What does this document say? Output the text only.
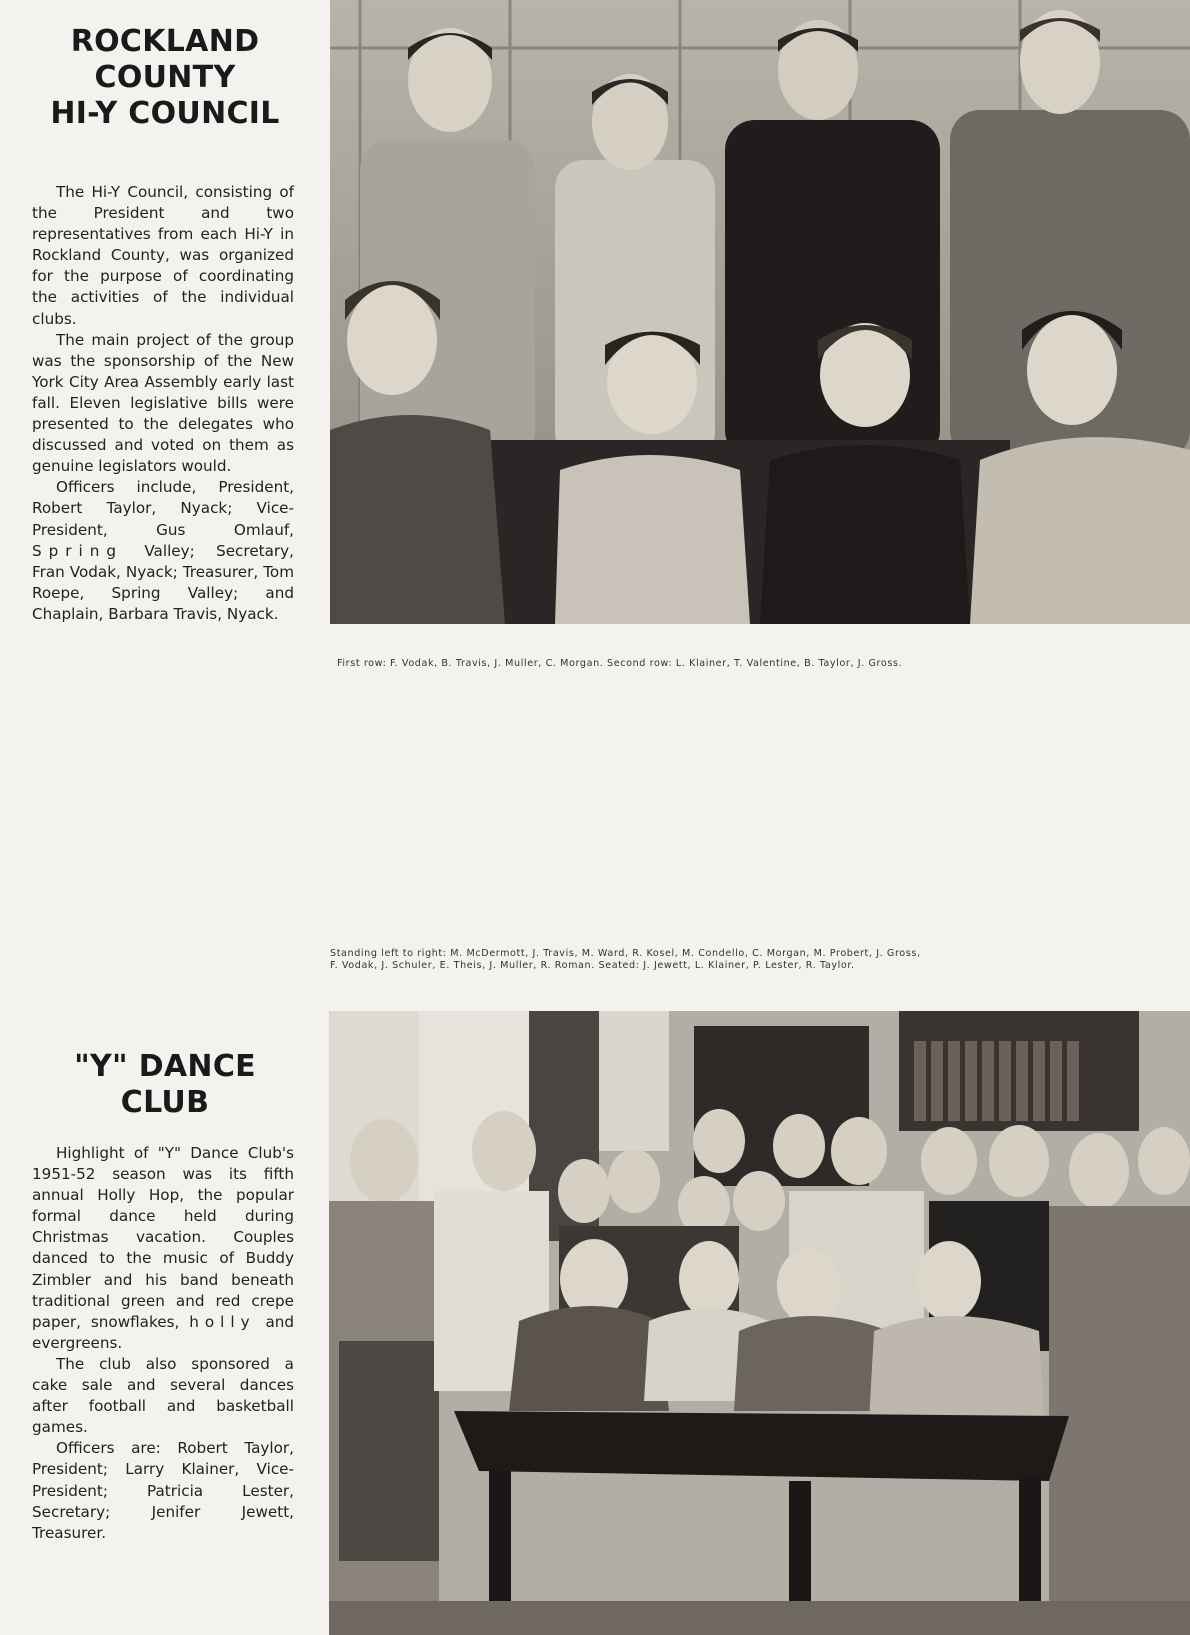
ROCKLAND
COUNTY
HI-Y COUNCIL

The Hi-Y Council, consisting of the President and two representatives from each Hi-Y in Rockland County, was organized for the purpose of coordinating the activities of the individual clubs.

The main project of the group was the sponsorship of the New York City Area Assembly early last fall. Eleven legislative bills were presented to the delegates who discussed and voted on them as genuine legislators would.

Officers include, President, Robert Taylor, Nyack; Vice-President, Gus Omlauf, Spring Valley; Secretary, Fran Vodak, Nyack; Treasurer, Tom Roepe, Spring Valley; and Chaplain, Barbara Travis, Nyack.

First row: F. Vodak, B. Travis, J. Muller, C. Morgan. Second row: L. Klainer, T. Valentine, B. Taylor, J. Gross.
Standing left to right: M. McDermott, J. Travis, M. Ward, R. Kosel, M. Condello, C. Morgan, M. Probert, J. Gross,
F. Vodak, J. Schuler, E. Theis, J. Muller, R. Roman. Seated: J. Jewett, L. Klainer, P. Lester, R. Taylor.
"Y" DANCE
CLUB

Highlight of "Y" Dance Club's 1951-52 season was its fifth annual Holly Hop, the popular formal dance held during Christmas vacation. Couples danced to the music of Buddy Zimbler and his band beneath traditional green and red crepe paper, snowflakes, holly and evergreens.

The club also sponsored a cake sale and several dances after football and basketball games.

Officers are: Robert Taylor, President; Larry Klainer, Vice-President; Patricia Lester, Secretary; Jenifer Jewett, Treasurer.
